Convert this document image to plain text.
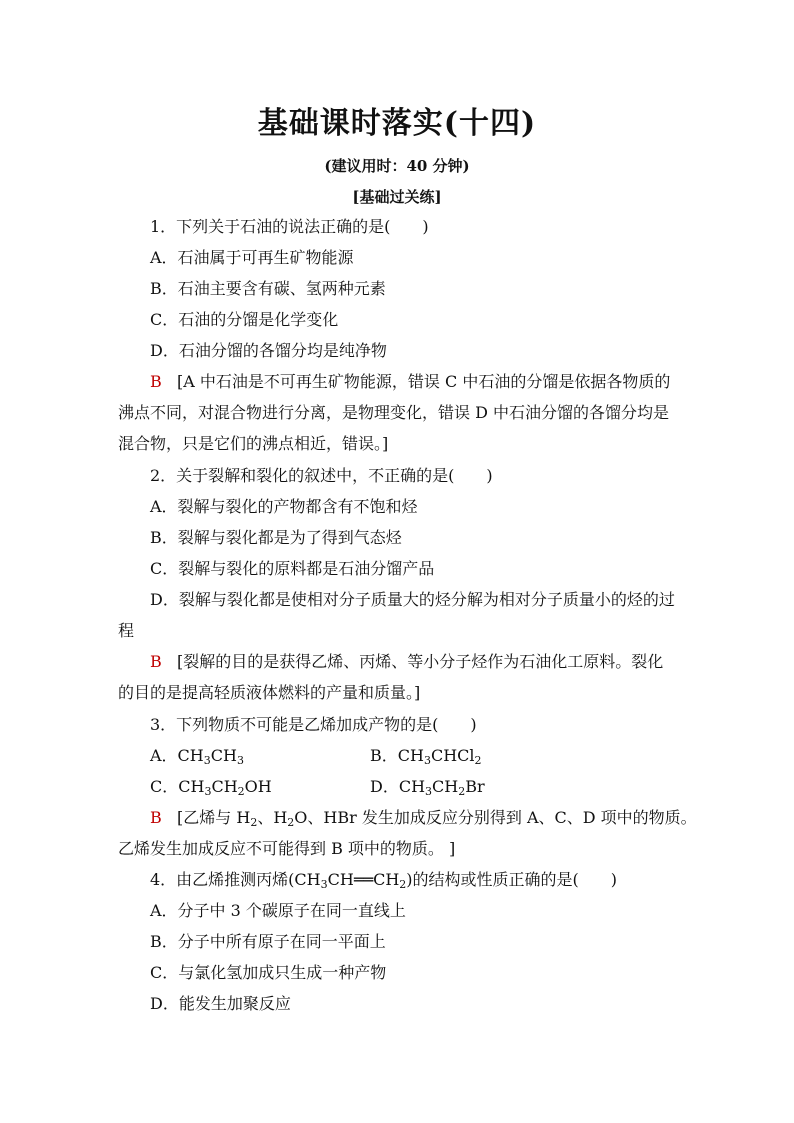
基础课时落实(十四)
(建议用时：40 分钟)
[基础过关练]
1．下列关于石油的说法正确的是(　　)
A．石油属于可再生矿物能源
B．石油主要含有碳、氢两种元素
C．石油的分馏是化学变化
D．石油分馏的各馏分均是纯净物
B [A 中石油是不可再生矿物能源，错误 C 中石油的分馏是依据各物质的
沸点不同，对混合物进行分离，是物理变化，错误 D 中石油分馏的各馏分均是
混合物，只是它们的沸点相近，错误。]
2．关于裂解和裂化的叙述中，不正确的是(　　)
A．裂解与裂化的产物都含有不饱和烃
B．裂解与裂化都是为了得到气态烃
C．裂解与裂化的原料都是石油分馏产品
D．裂解与裂化都是使相对分子质量大的烃分解为相对分子质量小的烃的过
程
B [裂解的目的是获得乙烯、丙烯、等小分子烃作为石油化工原料。裂化
的目的是提高轻质液体燃料的产量和质量。]
3．下列物质不可能是乙烯加成产物的是(　　)
A．$CH_3CH_3$	B．$CH_3CHCl_2$
C．$CH_3CH_2OH$	D．$CH_3CH_2Br$
B [乙烯与 $H_2$、$H_2O$、HBr 发生加成反应分别得到 A、C、D 项中的物质。
乙烯发生加成反应不可能得到 B 项中的物质。 ]
4．由乙烯推测丙烯$(CH_3CH══CH_2)$的结构或性质正确的是(　　)
A．分子中 3 个碳原子在同一直线上
B．分子中所有原子在同一平面上
C．与氯化氢加成只生成一种产物
D．能发生加聚反应
